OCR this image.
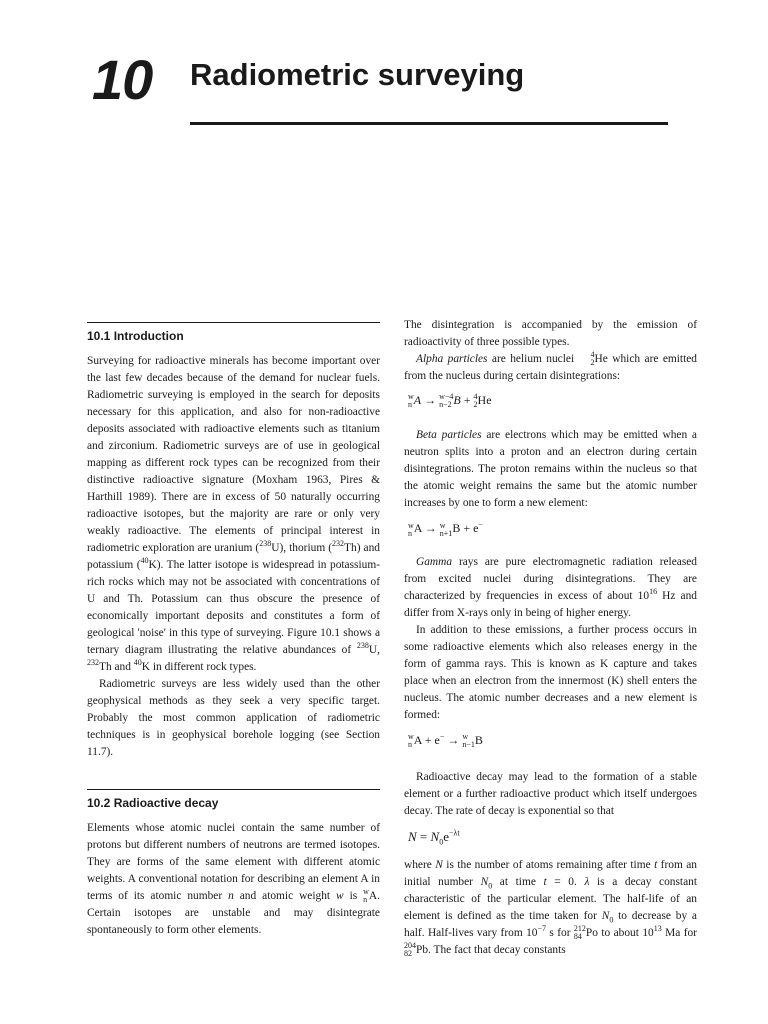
10 Radiometric surveying
10.1 Introduction

Surveying for radioactive minerals has become important over the last few decades because of the demand for nuclear fuels. Radiometric surveying is employed in the search for deposits necessary for this application, and also for non-radioactive deposits associated with radioactive elements such as titanium and zirconium. Radiometric surveys are of use in geological mapping as different rock types can be recognized from their distinctive radioactive signature (Moxham 1963, Pires & Harthill 1989). There are in excess of 50 naturally occurring radioactive isotopes, but the majority are rare or only very weakly radioactive. The elements of principal interest in radiometric exploration are uranium ($^{238}$U), thorium ($^{232}$Th) and potassium ($^{40}$K). The latter isotope is widespread in potassium-rich rocks which may not be associated with concentrations of U and Th. Potassium can thus obscure the presence of economically important deposits and constitutes a form of geological 'noise' in this type of surveying. Figure 10.1 shows a ternary diagram illustrating the relative abundances of $^{238}$U, $^{232}$Th and $^{40}$K in different rock types.

Radiometric surveys are less widely used than the other geophysical methods as they seek a very specific target. Probably the most common application of radiometric techniques is in geophysical borehole logging (see Section 11.7).

10.2 Radioactive decay

Elements whose atomic nuclei contain the same number of protons but different numbers of neutrons are termed isotopes. They are forms of the same element with different atomic weights. A conventional notation for describing an element A in terms of its atomic number n and atomic weight w is w
n A. Certain isotopes are unstable and may disintegrate spontaneously to form other elements.

The disintegration is accompanied by the emission of radioactivity of three possible types.

Alpha particles are helium nuclei	4
2 He which are emitted from the nucleus during certain disintegrations:

w
n A → w−4
n−2 B + 4
2 He

Beta particles are electrons which may be emitted when a neutron splits into a proton and an electron during certain disintegrations. The proton remains within the nucleus so that the atomic weight remains the same but the atomic number increases by one to form a new element:

w
n A → w
n+1 B + e−

Gamma rays are pure electromagnetic radiation released from excited nuclei during disintegrations. They are characterized by frequencies in excess of about $10^{16}$ Hz and differ from X-rays only in being of higher energy.

In addition to these emissions, a further process occurs in some radioactive elements which also releases energy in the form of gamma rays. This is known as K capture and takes place when an electron from the innermost (K) shell enters the nucleus. The atomic number decreases and a new element is formed:

w
n A + e− → w
n−1 B

Radioactive decay may lead to the formation of a stable element or a further radioactive product which itself undergoes decay. The rate of decay is exponential so that

$N = N_0e^{-\lambda t}$

where N is the number of atoms remaining after time t from an initial number $N_0$ at time t = 0. λ is a decay constant characteristic of the particular element. The half-life of an element is defined as the time taken for $N_0$ to decrease by a half. Half-lives vary from $10^{-7}$ s for 212
84 Po to about $10^{13}$ Ma for
204
82 Pb. The fact that decay constants
